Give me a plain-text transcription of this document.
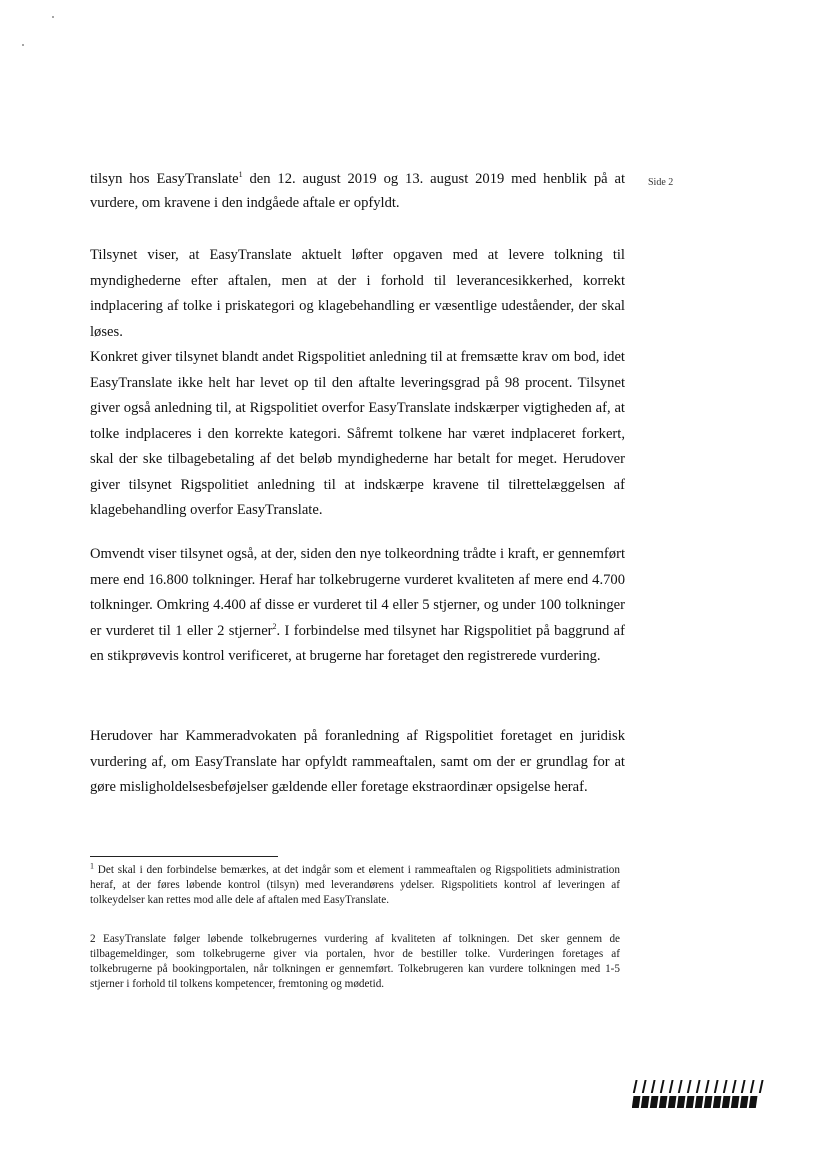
Side 2

tilsyn hos EasyTranslate$^1$ den 12. august 2019 og 13. august 2019 med henblik på at vurdere, om kravene i den indgåede aftale er opfyldt.

Tilsynet viser, at EasyTranslate aktuelt løfter opgaven med at levere tolkning til myndighederne efter aftalen, men at der i forhold til leverancesikkerhed, korrekt indplacering af tolke i priskategori og klagebehandling er væsentlige udeståender, der skal løses.

Konkret giver tilsynet blandt andet Rigspolitiet anledning til at fremsætte krav om bod, idet EasyTranslate ikke helt har levet op til den aftalte leveringsgrad på 98 procent. Tilsynet giver også anledning til, at Rigspolitiet overfor EasyTranslate indskærper vigtigheden af, at tolke indplaceres i den korrekte kategori. Såfremt tolkene har været indplaceret forkert, skal der ske tilbagebetaling af det beløb myndighederne har betalt for meget. Herudover giver tilsynet Rigspolitiet anledning til at indskærpe kravene til tilrettelæggelsen af klagebehandling overfor EasyTranslate.

Omvendt viser tilsynet også, at der, siden den nye tolkeordning trådte i kraft, er gennemført mere end 16.800 tolkninger. Heraf har tolkebrugerne vurderet kvaliteten af mere end 4.700 tolkninger. Omkring 4.400 af disse er vurderet til 4 eller 5 stjerner, og under 100 tolkninger er vurderet til 1 eller 2 stjerner$^2$. I forbindelse med tilsynet har Rigspolitiet på baggrund af en stikprøvevis kontrol verificeret, at brugerne har foretaget den registrerede vurdering.

Herudover har Kammeradvokaten på foranledning af Rigspolitiet foretaget en juridisk vurdering af, om EasyTranslate har opfyldt rammeaftalen, samt om der er grundlag for at gøre misligholdelsesbeføjelser gældende eller foretage ekstraordinær opsigelse heraf.

$^1$ Det skal i den forbindelse bemærkes, at det indgår som et element i rammeaftalen og Rigspolitiets administration heraf, at der føres løbende kontrol (tilsyn) med leverandørens ydelser. Rigspolitiets kontrol af leveringen af tolkeydelser kan rettes mod alle dele af aftalen med EasyTranslate.

2 EasyTranslate følger løbende tolkebrugernes vurdering af kvaliteten af tolkningen. Det sker gennem de tilbagemeldinger, som tolkebrugerne giver via portalen, hvor de bestiller tolke. Vurderingen foretages af tolkebrugerne på bookingportalen, når tolkningen er gennemført. Tolkebrugeren kan vurdere tolkningen med 1-5 stjerner i forhold til tolkens kompetencer, fremtoning og mødetid.
